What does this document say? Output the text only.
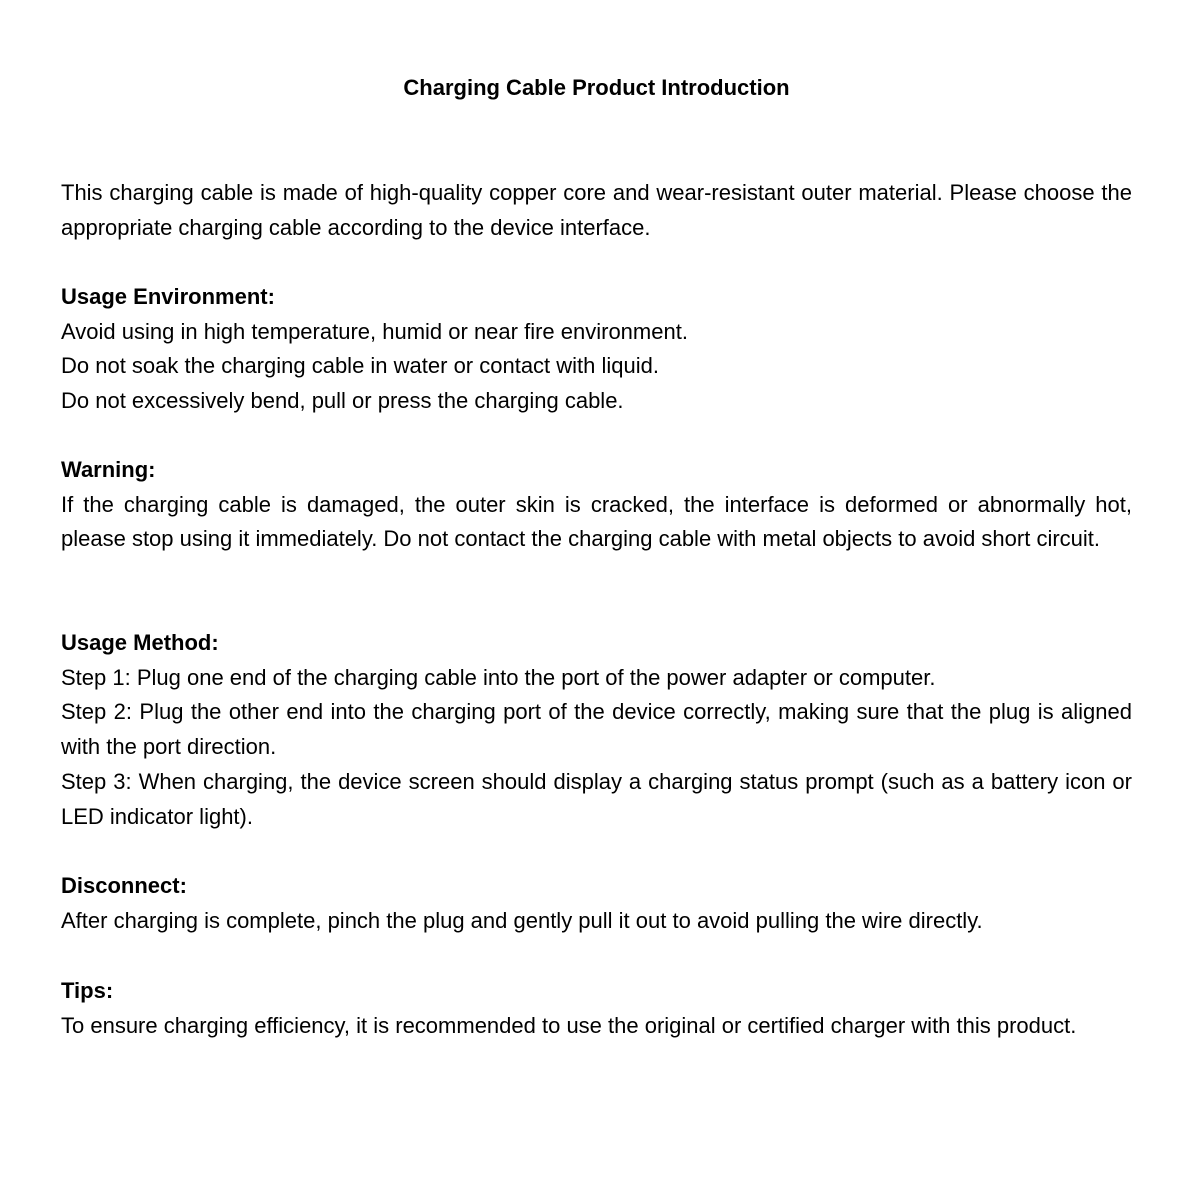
Charging Cable Product Introduction

This charging cable is made of high-quality copper core and wear-resistant outer material. Please choose the appropriate charging cable according to the device interface.

Usage Environment:
Avoid using in high temperature, humid or near fire environment.
Do not soak the charging cable in water or contact with liquid.
Do not excessively bend, pull or press the charging cable.
Warning:
If the charging cable is damaged, the outer skin is cracked, the interface is deformed or abnormally hot, please stop using it immediately. Do not contact the charging cable with metal objects to avoid short circuit.
Usage Method:
Step 1: Plug one end of the charging cable into the port of the power adapter or computer.
Step 2: Plug the other end into the charging port of the device correctly, making sure that the plug is aligned with the port direction.
Step 3: When charging, the device screen should display a charging status prompt (such as a battery icon or LED indicator light).
Disconnect:
After charging is complete, pinch the plug and gently pull it out to avoid pulling the wire directly.
Tips:
To ensure charging efficiency, it is recommended to use the original or certified charger with this product.
